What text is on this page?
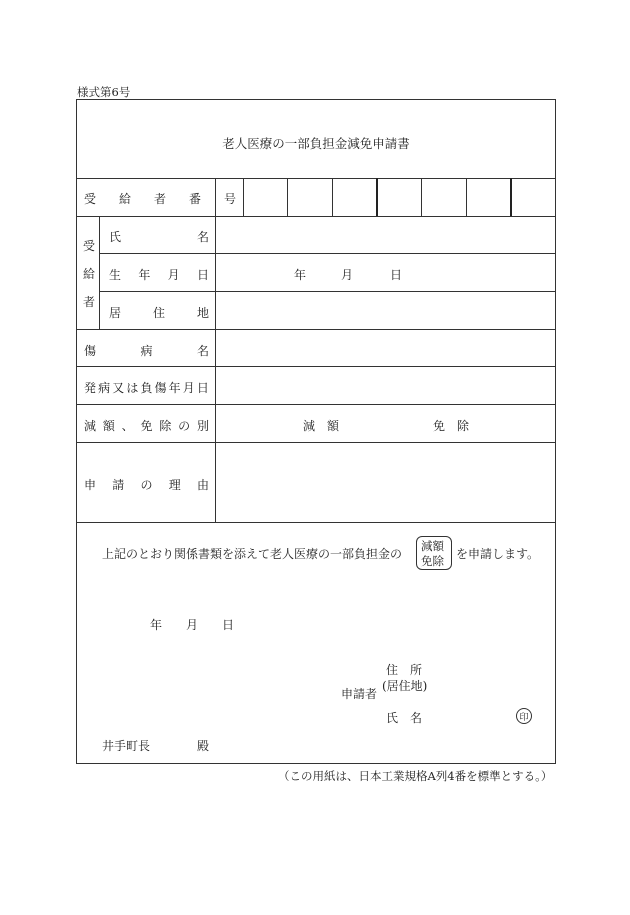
様式第6号
老人医療の一部負担金減免申請書
受 給 者 番 号
受
給
者
氏	名
生 年 月 日	年	月	日
居	住	地
傷	病	名
発 病 又 は 負 傷 年 月 日
減 額 、 免 除 の 別	減　額	免　除
申 請 の 理 由
上記のとおり関係書類を添えて老人医療の一部負担金の
減額
免除 を申請します。
年 月 日
住　所
(居住地)
申請者
氏　名	印
井手町長	殿
（この用紙は、日本工業規格A列4番を標準とする。）
